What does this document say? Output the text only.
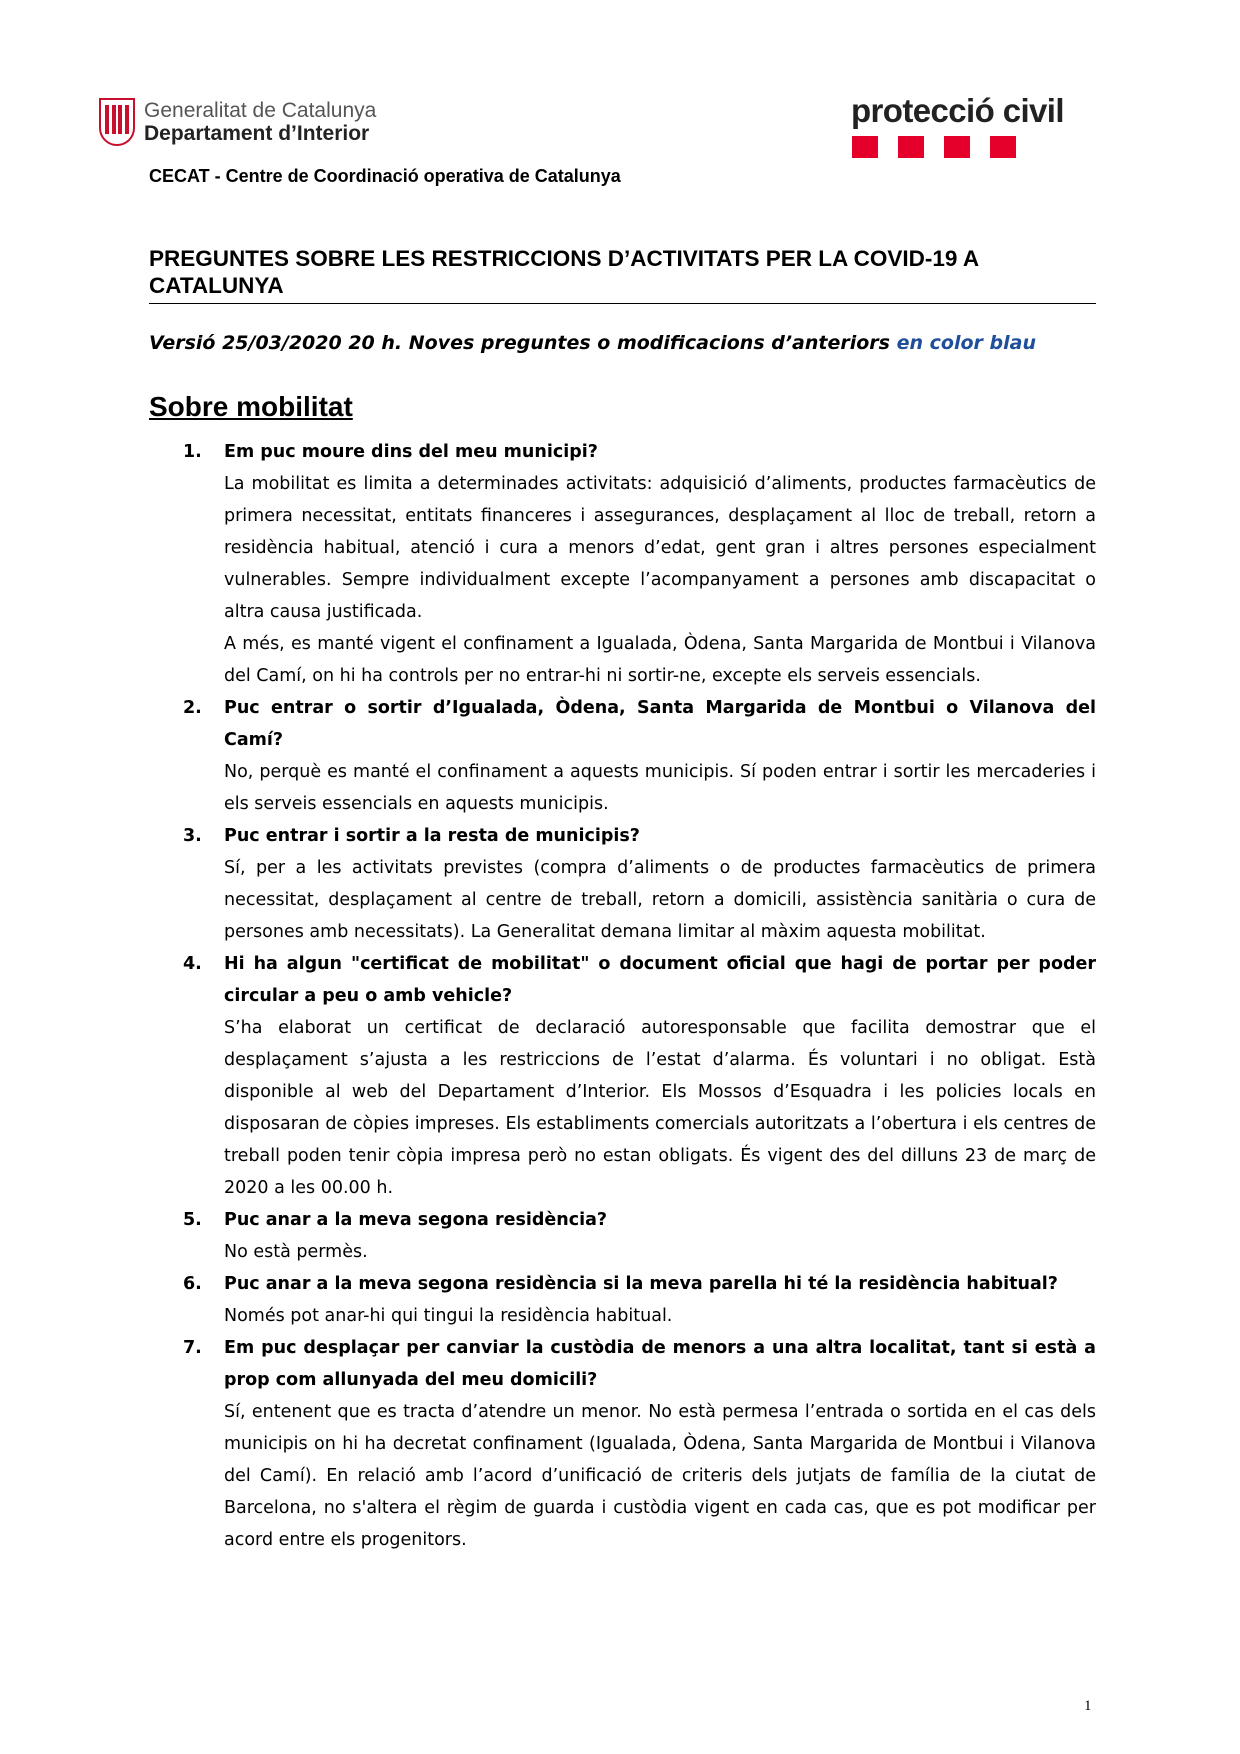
Generalitat de Catalunya
Departament d’Interior
protecció civil
CECAT - Centre de Coordinació operativa de Catalunya
PREGUNTES SOBRE LES RESTRICCIONS D’ACTIVITATS PER LA COVID-19 A CATALUNYA
Versió 25/03/2020 20 h. Noves preguntes o modificacions d’anteriors en color blau
Sobre mobilitat
1. Em puc moure dins del meu municipi?
La mobilitat es limita a determinades activitats: adquisició d’aliments, productes farmacèutics de primera necessitat, entitats financeres i assegurances, desplaçament al lloc de treball, retorn a residència habitual, atenció i cura a menors d’edat, gent gran i altres persones especialment vulnerables. Sempre individualment excepte l’acompanyament a persones amb discapacitat o altra causa justificada.
A més, es manté vigent el confinament a Igualada, Òdena, Santa Margarida de Montbui i Vilanova del Camí, on hi ha controls per no entrar-hi ni sortir-ne, excepte els serveis essencials.
2. Puc entrar o sortir d’Igualada, Òdena, Santa Margarida de Montbui o Vilanova del Camí?
No, perquè es manté el confinament a aquests municipis. Sí poden entrar i sortir les mercaderies i els serveis essencials en aquests municipis.
3. Puc entrar i sortir a la resta de municipis?
Sí, per a les activitats previstes (compra d’aliments o de productes farmacèutics de primera necessitat, desplaçament al centre de treball, retorn a domicili, assistència sanitària o cura de persones amb necessitats). La Generalitat demana limitar al màxim aquesta mobilitat.
4. Hi ha algun "certificat de mobilitat" o document oficial que hagi de portar per poder circular a peu o amb vehicle?
S’ha elaborat un certificat de declaració autoresponsable que facilita demostrar que el desplaçament s’ajusta a les restriccions de l’estat d’alarma. És voluntari i no obligat. Està disponible al web del Departament d’Interior. Els Mossos d’Esquadra i les policies locals en disposaran de còpies impreses. Els establiments comercials autoritzats a l’obertura i els centres de treball poden tenir còpia impresa però no estan obligats. És vigent des del dilluns 23 de març de 2020 a les 00.00 h.
5. Puc anar a la meva segona residència?
No està permès.
6. Puc anar a la meva segona residència si la meva parella hi té la residència habitual?
Només pot anar-hi qui tingui la residència habitual.
7. Em puc desplaçar per canviar la custòdia de menors a una altra localitat, tant si està a prop com allunyada del meu domicili?
Sí, entenent que es tracta d’atendre un menor. No està permesa l’entrada o sortida en el cas dels municipis on hi ha decretat confinament (Igualada, Òdena, Santa Margarida de Montbui i Vilanova del Camí). En relació amb l’acord d’unificació de criteris dels jutjats de família de la ciutat de Barcelona, no s'altera el règim de guarda i custòdia vigent en cada cas, que es pot modificar per acord entre els progenitors.
1
